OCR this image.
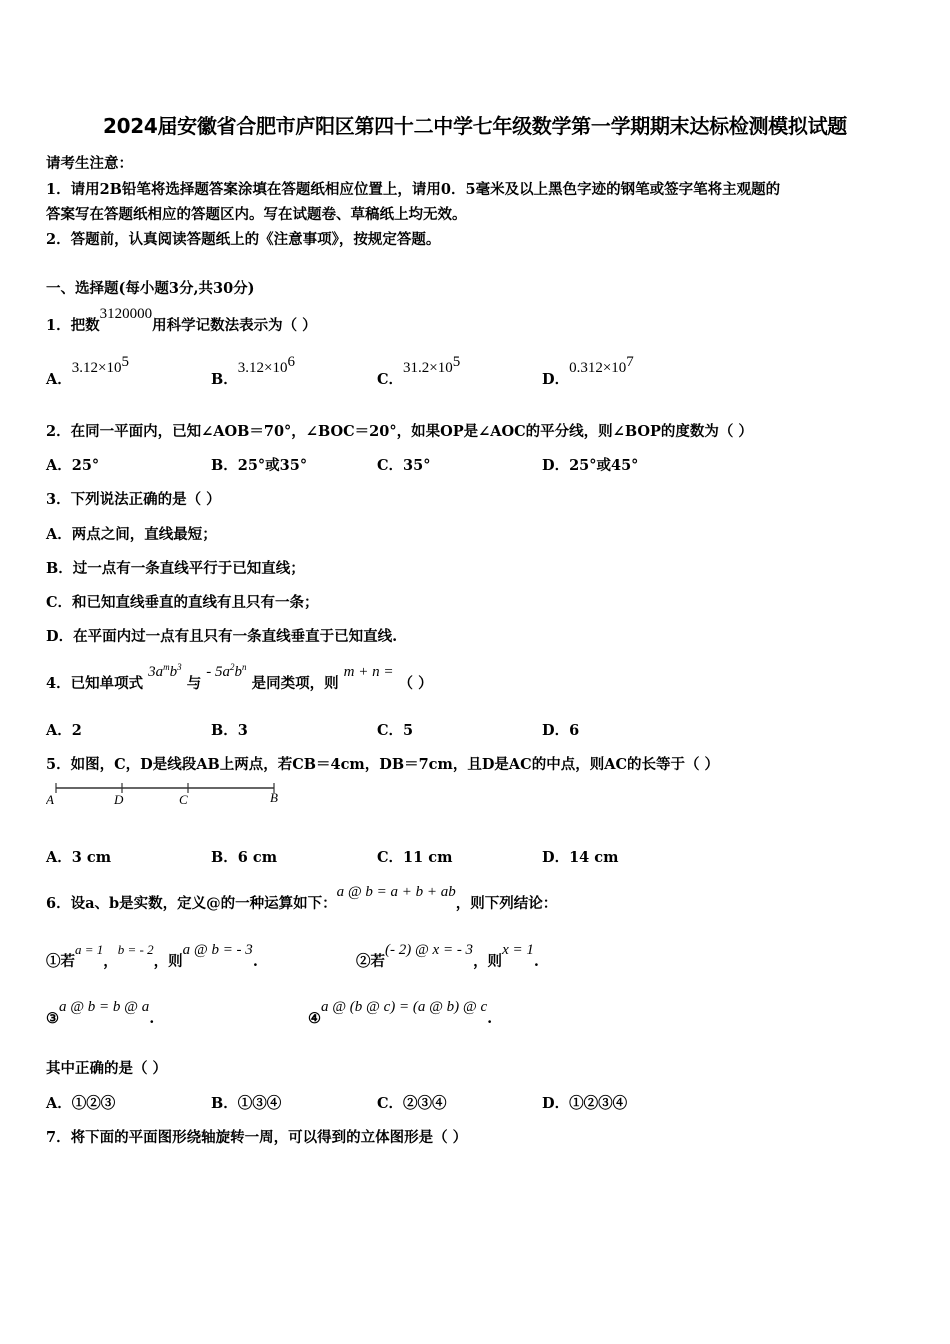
2024届安徽省合肥市庐阳区第四十二中学七年级数学第一学期期末达标检测模拟试题
请考生注意：
1．请用2B铅笔将选择题答案涂填在答题纸相应位置上，请用0．5毫米及以上黑色字迹的钢笔或签字笔将主观题的
答案写在答题纸相应的答题区内。写在试题卷、草稿纸上均无效。
2．答题前，认真阅读答题纸上的《注意事项》，按规定答题。
一、选择题(每小题3分,共30分)
1．把数3120000用科学记数法表示为（ ）
A．$3.12\times 10^5$
B．$3.12\times 10^6$
C．$31.2\times 10^5$
D．$0.312\times 10^7$
2．在同一平面内，已知∠AOB＝70°，∠BOC＝20°，如果OP是∠AOC的平分线，则∠BOP的度数为（ ）
A．25°	B．25°或35°	C．35°	D．25°或45°
3．下列说法正确的是（ ）
A．两点之间，直线最短；
B．过一点有一条直线平行于已知直线；
C．和已知直线垂直的直线有且只有一条；
D．在平面内过一点有且只有一条直线垂直于已知直线.
4．已知单项式 $3a^mb^3$ 与 - $5a^2b^n$ 是同类项，则 m + n = （ ）
A．2	B．3	C．5	D．6
5．如图，C，D是线段AB上两点，若CB＝4cm，DB＝7cm，且D是AC的中点，则AC的长等于（ ）
A	D	C	B
A．3 cm	B．6 cm	C．11 cm	D．14 cm
6．设a、b是实数，定义@的一种运算如下：a @ b = a + b + ab，则下列结论：
①若a = 1，b = - 2，则a @ b = - 3.	②若(- 2) @ x = - 3，则x = 1.
③a @ b = b @ a.	④a @ (b @ c) = (a @ b) @ c.
其中正确的是（ ）
A．①②③	B．①③④	C．②③④	D．①②③④
7．将下面的平面图形绕轴旋转一周，可以得到的立体图形是（ ）
